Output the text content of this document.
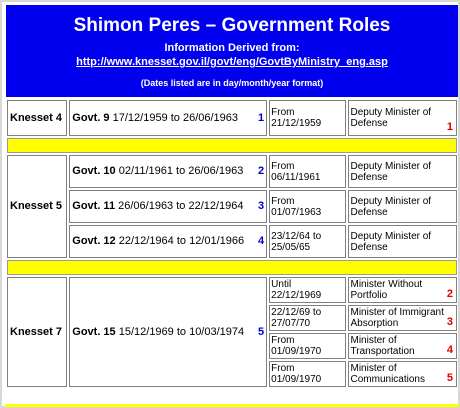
Shimon Peres – Government Roles
Information Derived from:
http://www.knesset.gov.il/govt/eng/GovtByMinistry_eng.asp
(Dates listed are in day/month/year format)
Knesset 4	Govt. 9 17/12/1959 to 26/06/1963 1	From 21/12/1959	Deputy Minister of Defense 1

Knesset 5	Govt. 10 02/11/1961 to 26/06/1963 2	From 06/11/1961	Deputy Minister of Defense
	Govt. 11 26/06/1963 to 22/12/1964 3	From 01/07/1963	Deputy Minister of Defense
	Govt. 12 22/12/1964 to 12/01/1966 4	23/12/64 to 25/05/65	Deputy Minister of Defense

Knesset 7	Govt. 15 15/12/1969 to 10/03/1974 5	Until 22/12/1969	Minister Without Portfolio 2

		22/12/69 to 27/07/70	Minister of Immigrant Absorption 3

		From 01/09/1970	Minister of Transportation 4

		From 01/09/1970	Minister of Communications 5
